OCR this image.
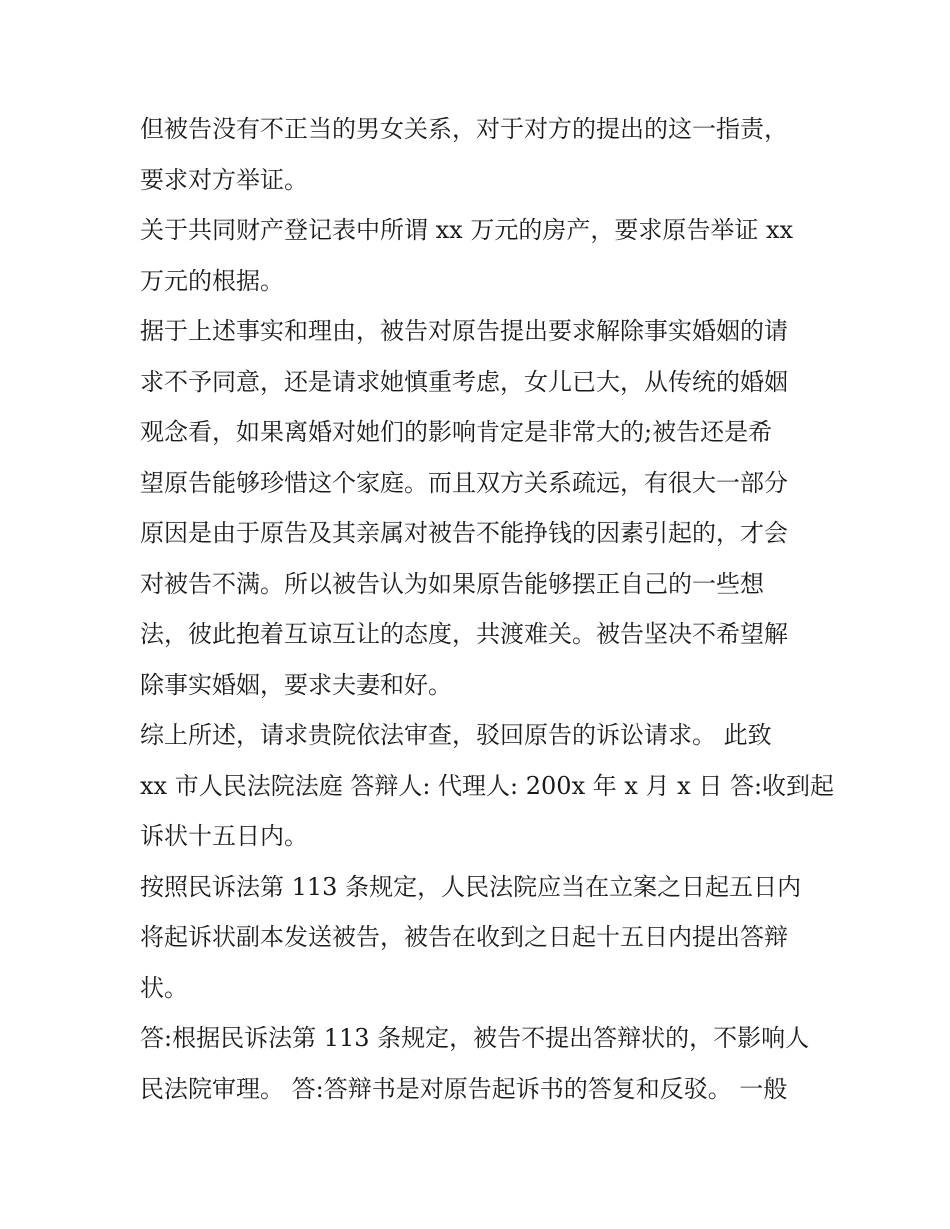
但被告没有不正当的男女关系，对于对方的提出的这一指责，
要求对方举证。
关于共同财产登记表中所谓 xx 万元的房产，要求原告举证 xx
万元的根据。
据于上述事实和理由，被告对原告提出要求解除事实婚姻的请
求不予同意，还是请求她慎重考虑，女儿已大，从传统的婚姻
观念看，如果离婚对她们的影响肯定是非常大的;被告还是希
望原告能够珍惜这个家庭。而且双方关系疏远，有很大一部分
原因是由于原告及其亲属对被告不能挣钱的因素引起的，才会
对被告不满。所以被告认为如果原告能够摆正自己的一些想
法，彼此抱着互谅互让的态度，共渡难关。被告坚决不希望解
除事实婚姻，要求夫妻和好。
综上所述，请求贵院依法审查，驳回原告的诉讼请求。 此致
xx 市人民法院法庭 答辩人: 代理人: 200x 年 x 月 x 日 答:收到起
诉状十五日内。
按照民诉法第 113 条规定，人民法院应当在立案之日起五日内
将起诉状副本发送被告，被告在收到之日起十五日内提出答辩
状。
答:根据民诉法第 113 条规定，被告不提出答辩状的，不影响人
民法院审理。 答:答辩书是对原告起诉书的答复和反驳。 一般
